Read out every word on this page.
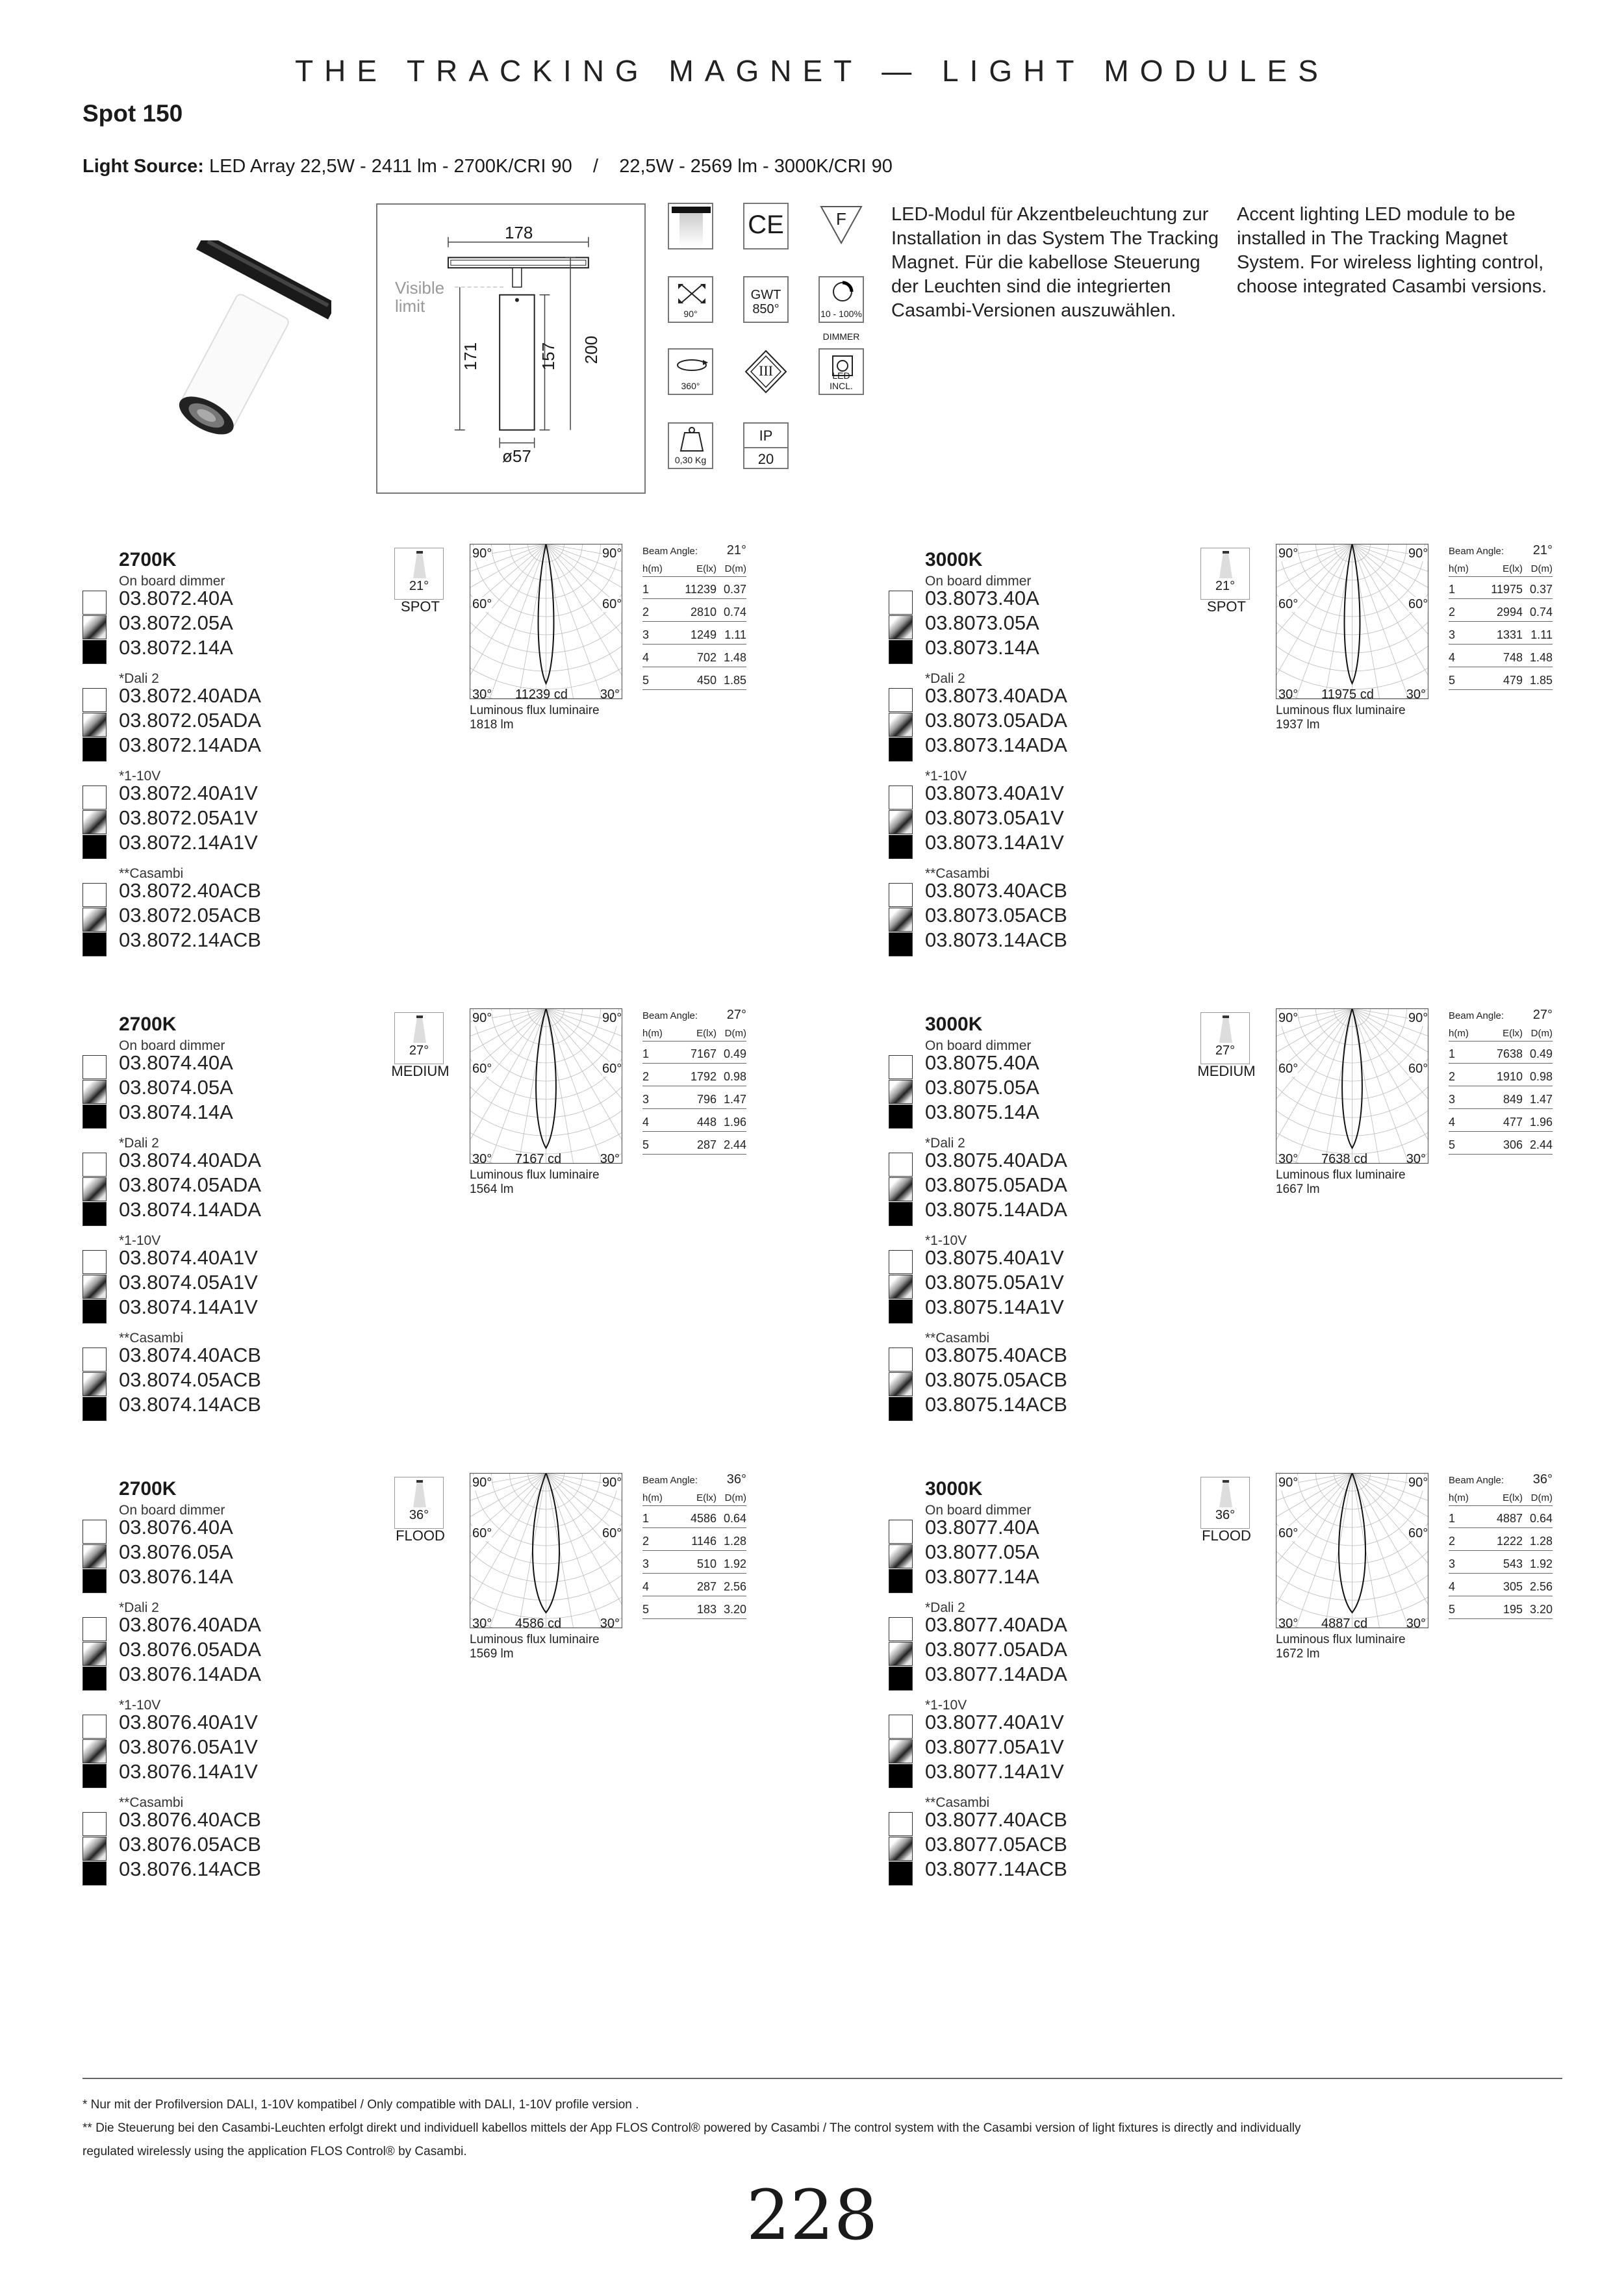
THE TRACKING MAGNET — LIGHT MODULES
Spot 150
Light Source: LED Array 22,5W - 2411 lm - 2700K/CRI 90    /    22,5W - 2569 lm - 3000K/CRI 90
178
Visible
limit
171	157 200
ø57
CE	F
90°
GWT
850°	10 - 100%
DIMMER
360°
III	LED INCL.
0,30 Kg
IP
20
LED-Modul für Akzentbeleuchtung zur Installation in das System The Tracking Magnet. Für die kabellose Steuerung der Leuchten sind die integrierten Casambi-Versionen auszuwählen.
Accent lighting LED module to be installed in The Tracking Magnet System. For wireless lighting control, choose integrated Casambi versions.
2700K
On board dimmer
03.8072.40A
03.8072.05A
03.8072.14A
*Dali 2
03.8072.40ADA
03.8072.05ADA
03.8072.14ADA
*1-10V
03.8072.40A1V
03.8072.05A1V
03.8072.14A1V
**Casambi
03.8072.40ACB
03.8072.05ACB
03.8072.14ACB
21°
SPOT
30° 11239 cd 30°
90°	90°
60°	60°
Luminous flux luminaire
1818 lm
21°
Beam Angle:
h(m)	E(lx) D(m)
1	11239 0.37
2	2810 0.74
3	1249 1.11
4	702 1.48
5	450 1.85
3000K
On board dimmer
03.8073.40A
03.8073.05A
03.8073.14A
*Dali 2
03.8073.40ADA
03.8073.05ADA
03.8073.14ADA
*1-10V
03.8073.40A1V
03.8073.05A1V
03.8073.14A1V
**Casambi
03.8073.40ACB
03.8073.05ACB
03.8073.14ACB
21°
SPOT
30° 11975 cd 30°
90°	90°
60°	60°
Luminous flux luminaire
1937 lm
21°
Beam Angle:
h(m)	E(lx) D(m)
1	11975 0.37
2	2994 0.74
3	1331 1.11
4	748 1.48
5	479 1.85
2700K
On board dimmer
03.8074.40A
03.8074.05A
03.8074.14A
*Dali 2
03.8074.40ADA
03.8074.05ADA
03.8074.14ADA
*1-10V
03.8074.40A1V
03.8074.05A1V
03.8074.14A1V
**Casambi
03.8074.40ACB
03.8074.05ACB
03.8074.14ACB
27°
MEDIUM
30° 7167 cd	30°
90°	90°
60°	60°
Luminous flux luminaire
1564 lm
27°
Beam Angle:
h(m)	E(lx) D(m)
1	7167 0.49
2	1792 0.98
3	796 1.47
4	448 1.96
5	287 2.44
3000K
On board dimmer
03.8075.40A
03.8075.05A
03.8075.14A
*Dali 2
03.8075.40ADA
03.8075.05ADA
03.8075.14ADA
*1-10V
03.8075.40A1V
03.8075.05A1V
03.8075.14A1V
**Casambi
03.8075.40ACB
03.8075.05ACB
03.8075.14ACB
27°
MEDIUM
30° 7638 cd	30°
90°	90°
60°	60°
Luminous flux luminaire
1667 lm
27°
Beam Angle:
h(m)	E(lx) D(m)
1	7638 0.49
2	1910 0.98
3	849 1.47
4	477 1.96
5	306 2.44
2700K
On board dimmer
03.8076.40A
03.8076.05A
03.8076.14A
*Dali 2
03.8076.40ADA
03.8076.05ADA
03.8076.14ADA
*1-10V
03.8076.40A1V
03.8076.05A1V
03.8076.14A1V
**Casambi
03.8076.40ACB
03.8076.05ACB
03.8076.14ACB
36°
FLOOD
30° 4586 cd	30°
90°	90°
60°	60°
Luminous flux luminaire
1569 lm
36°
Beam Angle:
h(m)	E(lx) D(m)
1	4586 0.64
2	1146 1.28
3	510 1.92
4	287 2.56
5	183 3.20
3000K
On board dimmer
03.8077.40A
03.8077.05A
03.8077.14A
*Dali 2
03.8077.40ADA
03.8077.05ADA
03.8077.14ADA
*1-10V
03.8077.40A1V
03.8077.05A1V
03.8077.14A1V
**Casambi
03.8077.40ACB
03.8077.05ACB
03.8077.14ACB
36°
FLOOD
30° 4887 cd	30°
90°	90°
60°	60°
Luminous flux luminaire
1672 lm
36°
Beam Angle:
h(m)	E(lx) D(m)
1	4887 0.64
2	1222 1.28
3	543 1.92
4	305 2.56
5	195 3.20
* Nur mit der Profilversion DALI, 1-10V kompatibel / Only compatible with DALI, 1-10V profile version .
** Die Steuerung bei den Casambi-Leuchten erfolgt direkt und individuell kabellos mittels der App FLOS Control® powered by Casambi / The control system with the Casambi version of light fixtures is directly and individually
regulated wirelessly using the application FLOS Control® by Casambi.
228
